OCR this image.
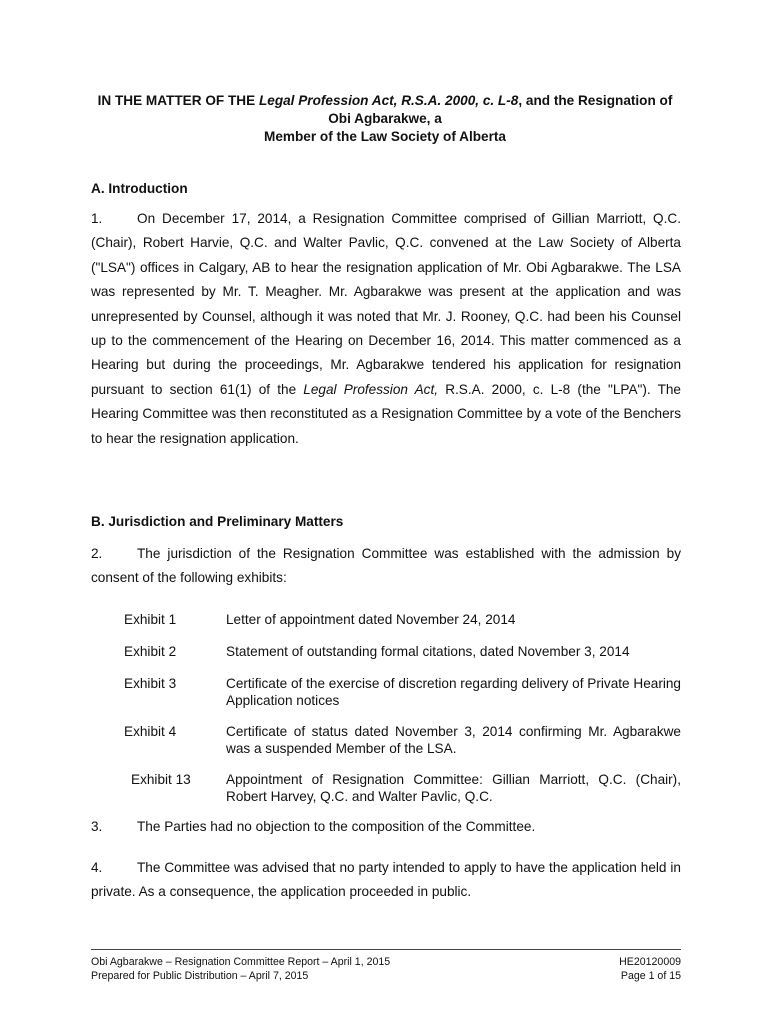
IN THE MATTER OF THE Legal Profession Act, R.S.A. 2000, c. L-8, and the Resignation of
Obi Agbarakwe, a
Member of the Law Society of Alberta
A. Introduction
1.	On December 17, 2014, a Resignation Committee comprised of Gillian Marriott, Q.C.(Chair), Robert Harvie, Q.C. and Walter Pavlic, Q.C. convened at the Law Society of Alberta ("LSA") offices in Calgary, AB to hear the resignation application of Mr. Obi Agbarakwe. The LSA was represented by Mr. T. Meagher. Mr. Agbarakwe was present at the application and was unrepresented by Counsel, although it was noted that Mr. J. Rooney, Q.C. had been his Counsel up to the commencement of the Hearing on December 16, 2014. This matter commenced as a Hearing but during the proceedings, Mr. Agbarakwe tendered his application for resignation pursuant to section 61(1) of the Legal Profession Act, R.S.A. 2000, c. L-8 (the "LPA"). The Hearing Committee was then reconstituted as a Resignation Committee by a vote of the Benchers to hear the resignation application.
B. Jurisdiction and Preliminary Matters
2.	The jurisdiction of the Resignation Committee was established with the admission by consent of the following exhibits:
Exhibit 1	Letter of appointment dated November 24, 2014
Exhibit 2	Statement of outstanding formal citations, dated November 3, 2014
Exhibit 3	Certificate of the exercise of discretion regarding delivery of Private Hearing Application notices
Exhibit 4	Certificate of status dated November 3, 2014 confirming Mr. Agbarakwe was a suspended Member of the LSA.
Exhibit 13	Appointment of Resignation Committee: Gillian Marriott, Q.C. (Chair), Robert Harvey, Q.C. and Walter Pavlic, Q.C.
3.	The Parties had no objection to the composition of the Committee.
4.	The Committee was advised that no party intended to apply to have the application held in private. As a consequence, the application proceeded in public.
Obi Agbarakwe – Resignation Committee Report – April 1, 2015
Prepared for Public Distribution – April 7, 2015
HE20120009
Page 1 of 15
